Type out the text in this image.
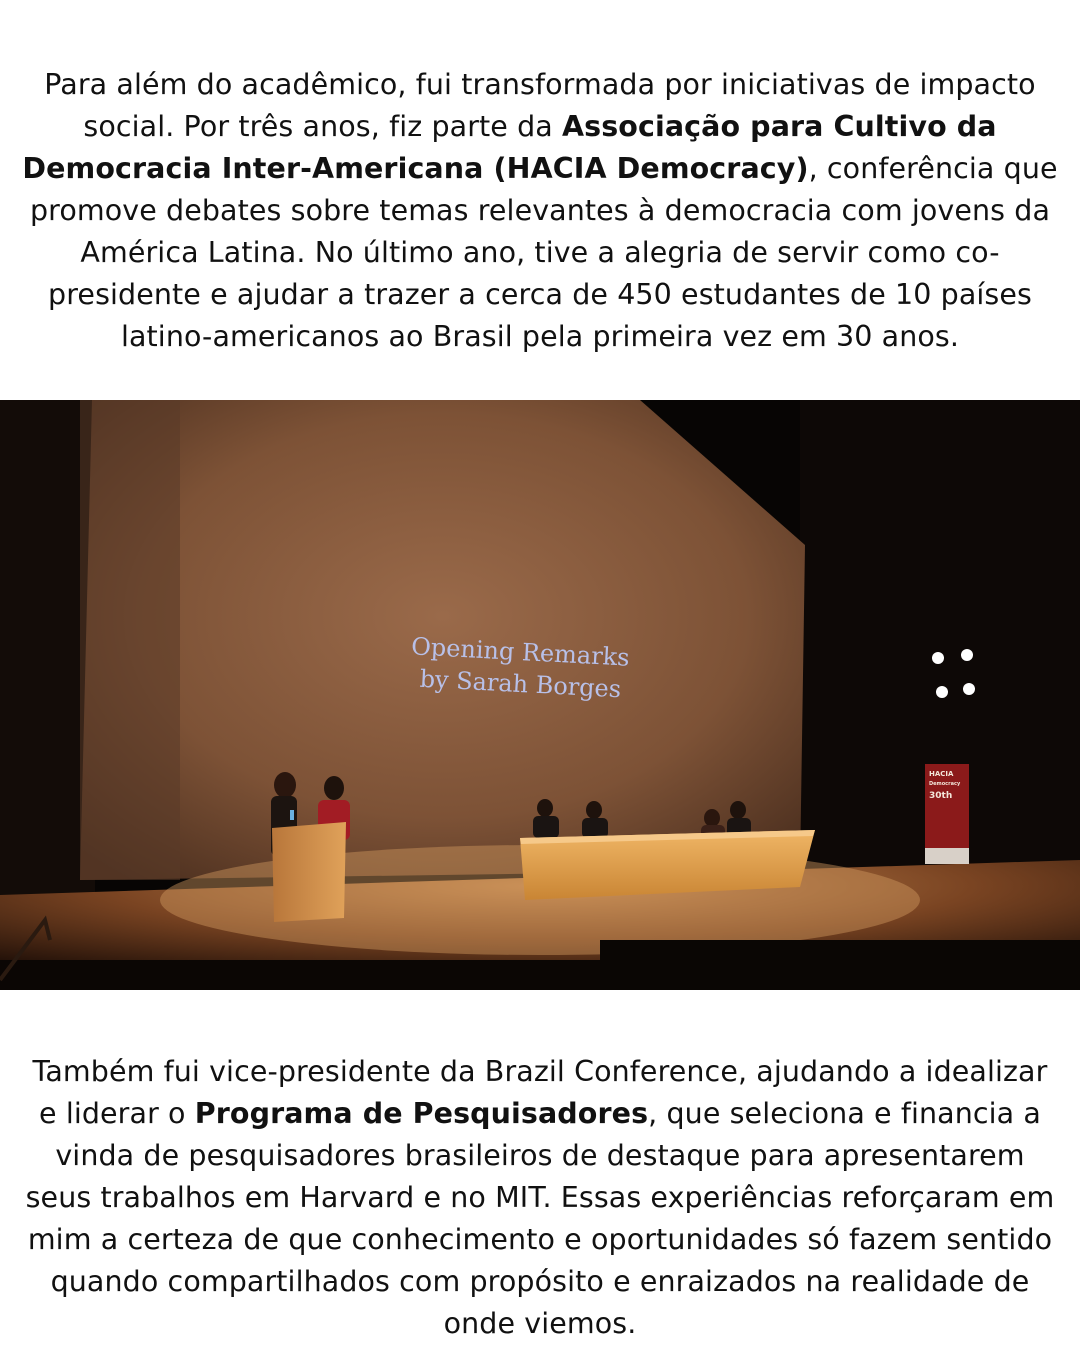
Para além do acadêmico, fui transformada por iniciativas de impacto social. Por três anos, fiz parte da Associação para Cultivo da Democracia Inter-Americana (HACIA Democracy), conferência que promove debates sobre temas relevantes à democracia com jovens da América Latina. No último ano, tive a alegria de servir como co-presidente e ajudar a trazer a cerca de 450 estudantes de 10 países latino-americanos ao Brasil pela primeira vez em 30 anos.

Opening Remarks
by Sarah Borges
HACIA
Democracy
30th

Também fui vice-presidente da Brazil Conference, ajudando a idealizar e liderar o Programa de Pesquisadores, que seleciona e financia a vinda de pesquisadores brasileiros de destaque para apresentarem seus trabalhos em Harvard e no MIT. Essas experiências reforçaram em mim a certeza de que conhecimento e oportunidades só fazem sentido quando compartilhados com propósito e enraizados na realidade de onde viemos.
